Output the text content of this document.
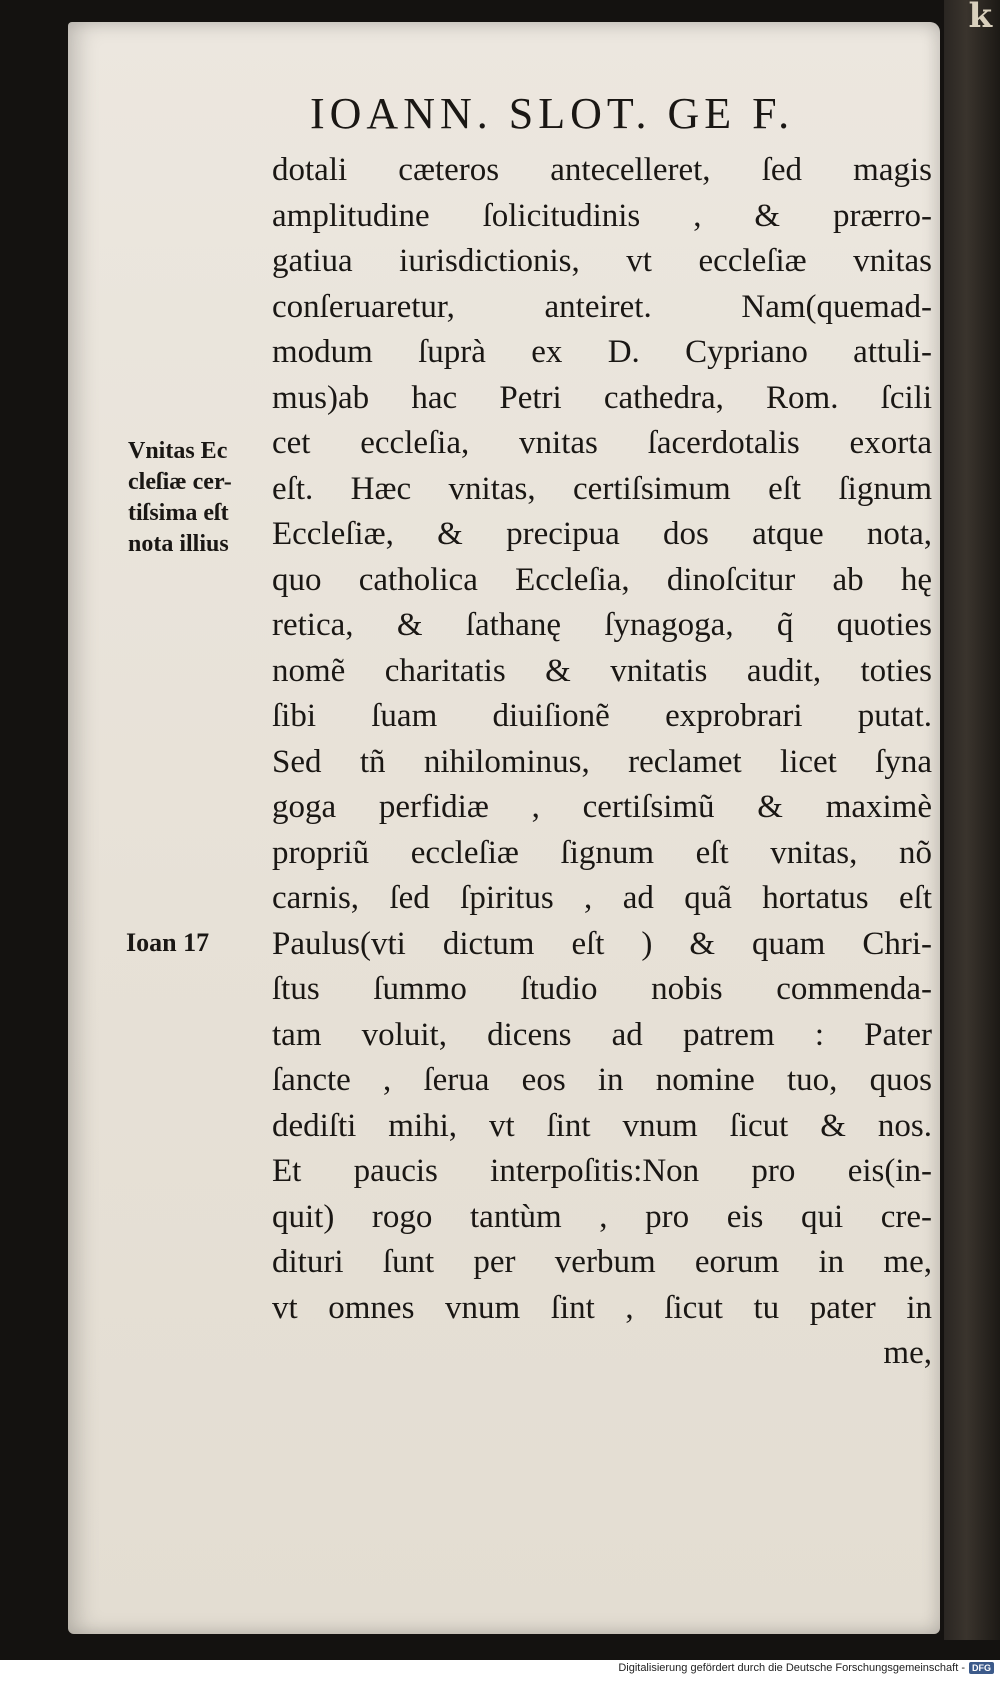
k
IOANN. SLOT. GE F.
Vnitas Ec
cleſiæ cer-
tiſsima eſt
nota illius
Ioan 17
dotali cæteros antecelleret, ſed magis
amplitudine ſolicitudinis , & prærro-
gatiua iurisdictionis, vt eccleſiæ vnitas
conſeruaretur, anteiret. Nam(quemad-
modum ſuprà ex D. Cypriano attuli-
mus)ab hac Petri cathedra, Rom. ſcili
cet eccleſia, vnitas ſacerdotalis exorta
eſt. Hæc vnitas, certiſsimum eſt ſignum
Eccleſiæ, & precipua dos atque nota,
quo catholica Eccleſia, dinoſcitur ab hę
retica, & ſathanę ſynagoga, q̃ quoties
nomẽ charitatis & vnitatis audit, toties
ſibi ſuam diuiſionẽ exprobrari putat.
Sed tñ nihilominus, reclamet licet ſyna
goga perfidiæ , certiſsimũ & maximè
propriũ eccleſiæ ſignum eſt vnitas, nõ
carnis, ſed ſpiritus , ad quã hortatus eſt
Paulus(vti dictum eſt ) & quam Chri-
ſtus ſummo ſtudio nobis commenda-
tam voluit, dicens ad patrem : Pater
ſancte , ſerua eos in nomine tuo, quos
dediſti mihi, vt ſint vnum ſicut & nos.
Et paucis interpoſitis:Non pro eis(in-
quit) rogo tantùm , pro eis qui cre-
dituri ſunt per verbum eorum in me,
vt omnes vnum ſint , ſicut tu pater in
me,
Digitalisierung gefördert durch die Deutsche Forschungsgemeinschaft - DFG
